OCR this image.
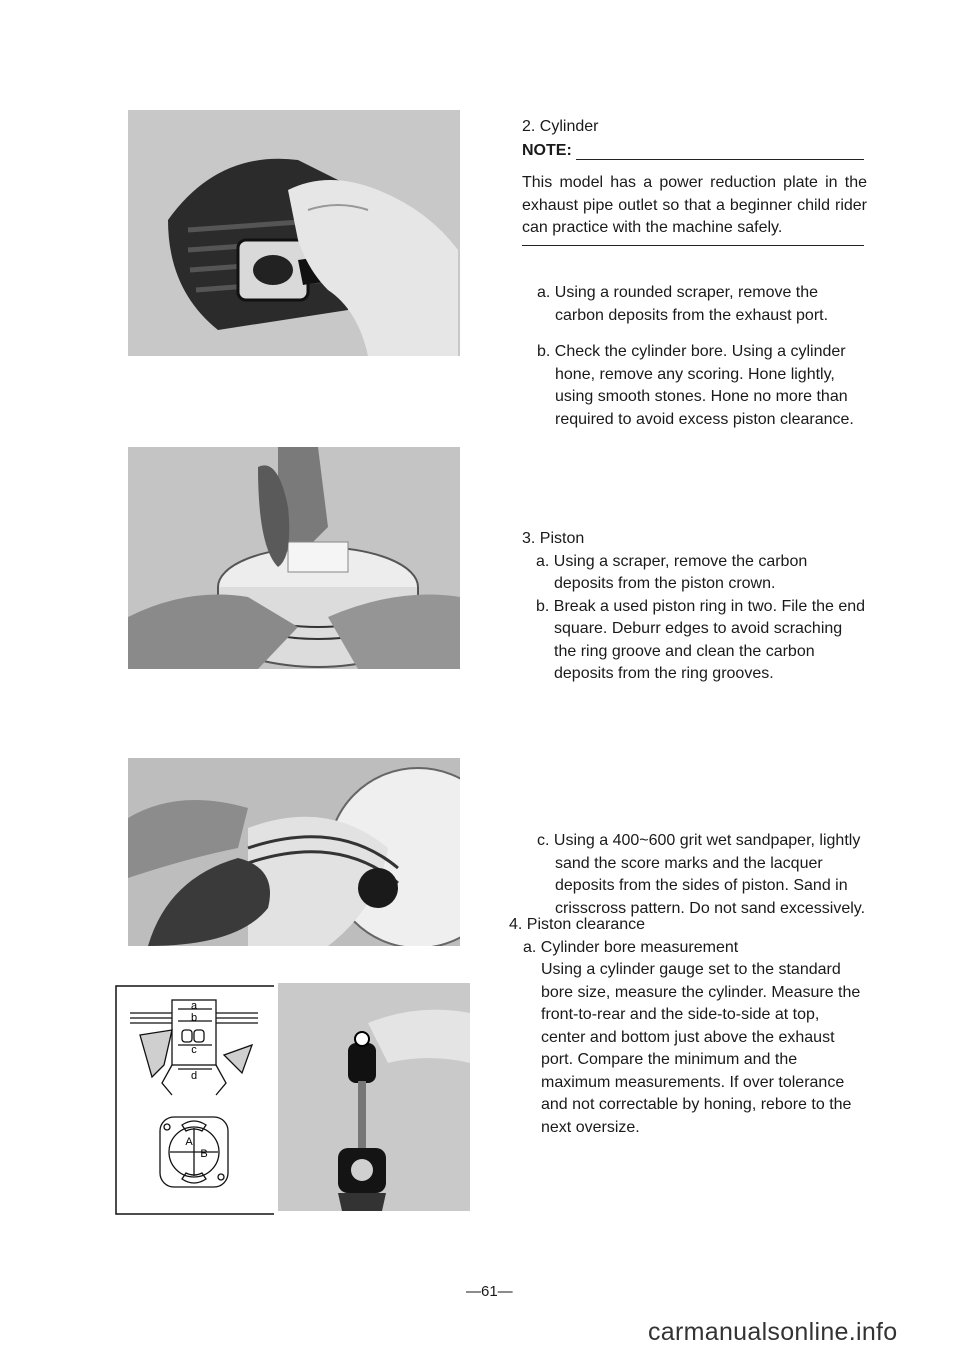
a
b
c
d
A
B

2. Cylinder

NOTE:

This model has a power reduction plate in the exhaust pipe outlet so that a beginner child rider can practice with the machine safely.

a. Using a rounded scraper, remove the carbon deposits from the exhaust port.

b. Check the cylinder bore. Using a cylinder hone, remove any scoring. Hone lightly, using smooth stones. Hone no more than required to avoid excess piston clearance.

3. Piston

a. Using a scraper, remove the carbon deposits from the piston crown.

b. Break a used piston ring in two. File the end square. Deburr edges to avoid scraching the ring groove and clean the carbon deposits from the ring grooves.

c. Using a 400~600 grit wet sandpaper, lightly sand the score marks and the lacquer deposits from the sides of piston. Sand in crisscross pattern. Do not sand excessively.

4. Piston clearance

a. Cylinder bore measurement

Using a cylinder gauge set to the standard bore size, measure the cylinder. Measure the front-to-rear and the side-to-side at top, center and bottom just above the exhaust port. Compare the minimum and the maximum measurements. If over tolerance and not correctable by honing, rebore to the next oversize.

—61—
carmanualsonline.info
